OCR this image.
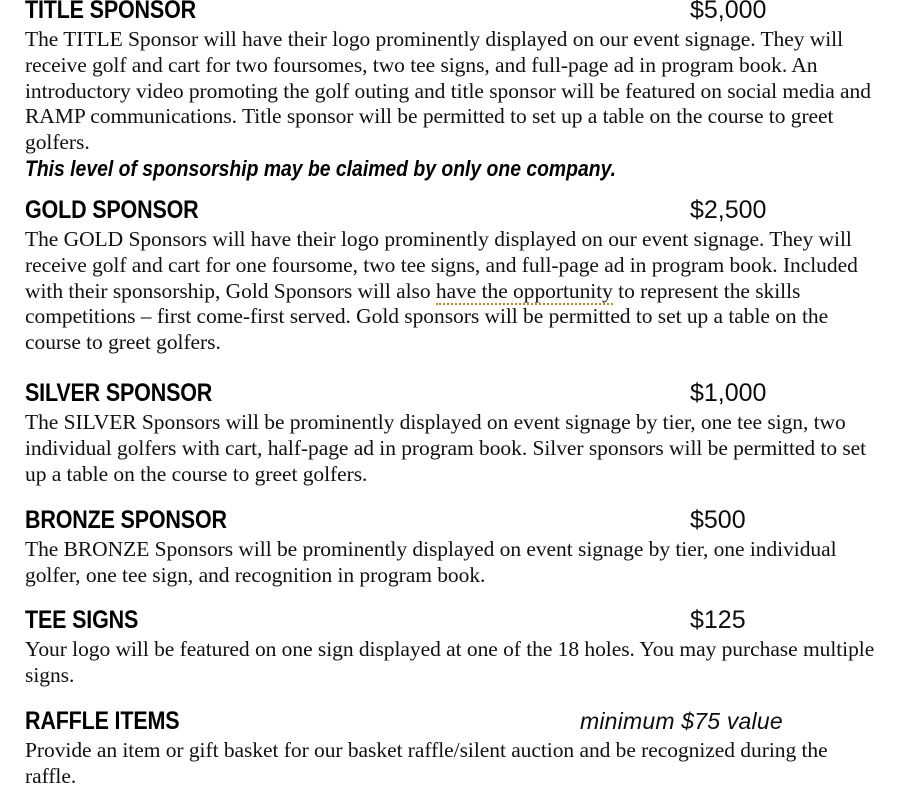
TITLE SPONSOR	$5,000

The TITLE Sponsor will have their logo prominently displayed on our event signage. They will receive golf and cart for two foursomes, two tee signs, and full-page ad in program book. An introductory video promoting the golf outing and title sponsor will be featured on social media and RAMP communications. Title sponsor will be permitted to set up a table on the course to greet golfers.

This level of sponsorship may be claimed by only one company.

GOLD SPONSOR	$2,500

The GOLD Sponsors will have their logo prominently displayed on our event signage. They will receive golf and cart for one foursome, two tee signs, and full-page ad in program book. Included with their sponsorship, Gold Sponsors will also have the opportunity to represent the skills competitions – first come-first served. Gold sponsors will be permitted to set up a table on the course to greet golfers.

SILVER SPONSOR	$1,000

The SILVER Sponsors will be prominently displayed on event signage by tier, one tee sign, two individual golfers with cart, half-page ad in program book. Silver sponsors will be permitted to set up a table on the course to greet golfers.

BRONZE SPONSOR	$500

The BRONZE Sponsors will be prominently displayed on event signage by tier, one individual golfer, one tee sign, and recognition in program book.

TEE SIGNS	$125

Your logo will be featured on one sign displayed at one of the 18 holes. You may purchase multiple signs.

RAFFLE ITEMS	minimum $75 value

Provide an item or gift basket for our basket raffle/silent auction and be recognized during the raffle.
